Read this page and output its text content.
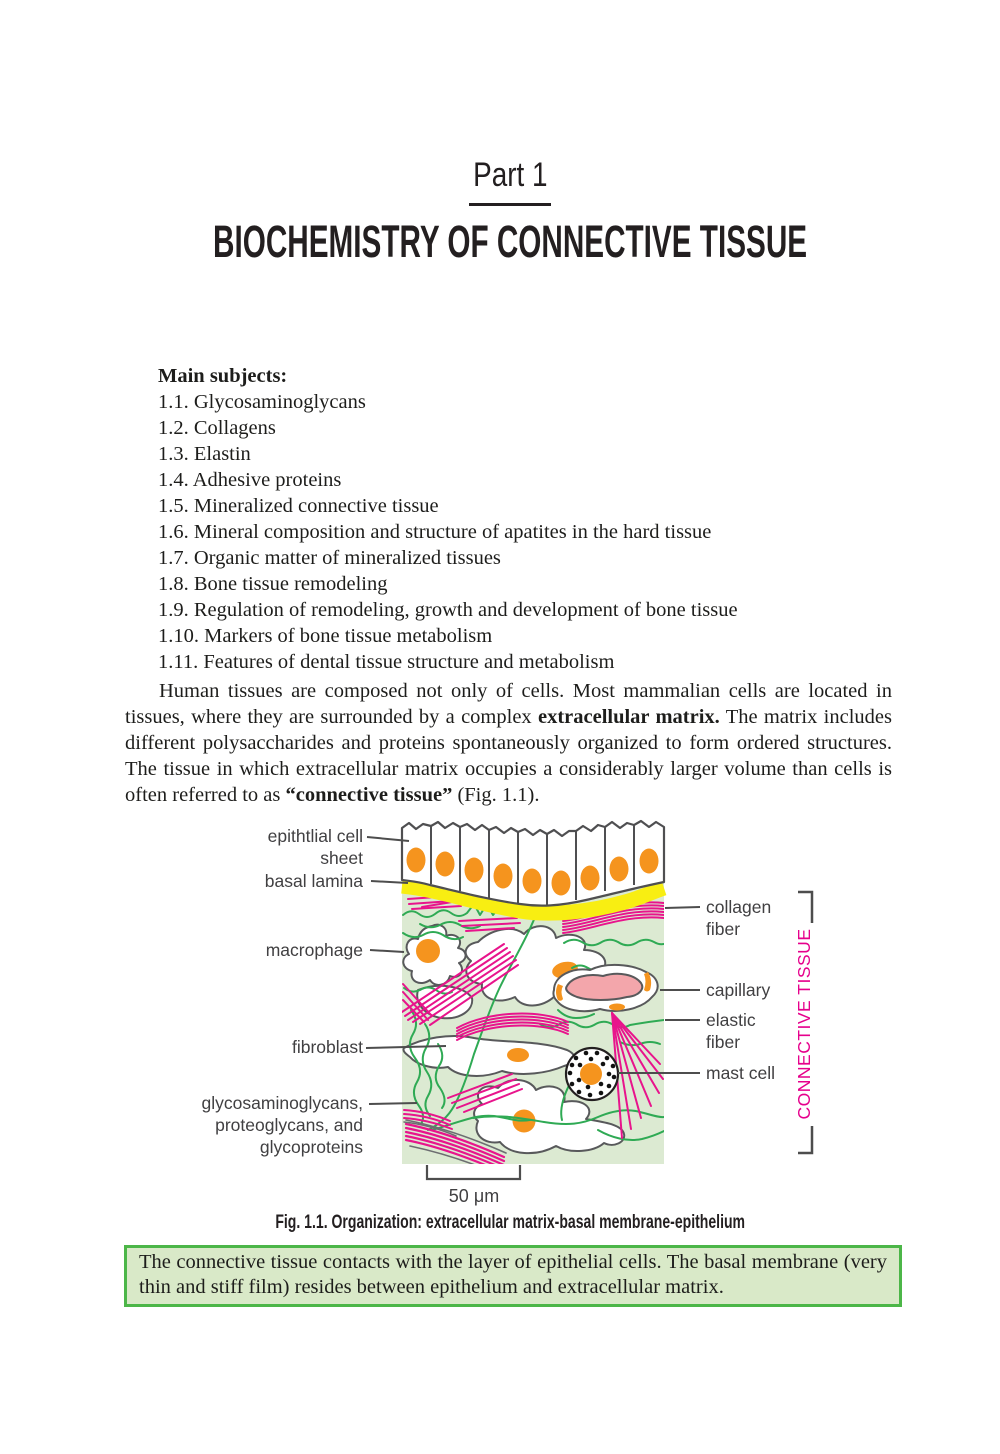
Part 1
BIOCHEMISTRY OF CONNECTIVE TISSUE
Main subjects:
1.1. Glycosaminoglycans
1.2. Collagens
1.3. Elastin
1.4. Adhesive proteins
1.5. Mineralized connective tissue
1.6. Mineral composition and structure of apatites in the hard tissue
1.7. Organic matter of mineralized tissues
1.8. Bone tissue remodeling
1.9. Regulation of remodeling, growth and development of bone tissue
1.10. Markers of bone tissue metabolism
1.11. Features of dental tissue structure and metabolism

Human tissues are composed not only of cells. Most mammalian cells are located in tissues, where they are surrounded by a complex extracellular matrix. The matrix includes different polysaccharides and proteins spontaneously organized to form ordered structures. The tissue in which extracellular matrix occupies a considerably larger volume than cells is often referred to as “connective tissue” (Fig. 1.1).

epithtlial cell
sheet
basal lamina
macrophage
fibroblast
glycosaminoglycans,
proteoglycans, and
glycoproteins
collagen
fiber
capillary
elastic
fiber
mast cell CONNECTIVE TISSUE
50 μm
Fig. 1.1. Organization: extracellular matrix-basal membrane-epithelium
The connective tissue contacts with the layer of epithelial cells. The basal membrane (very thin and stiff film) resides between epithelium and extracellular matrix.
